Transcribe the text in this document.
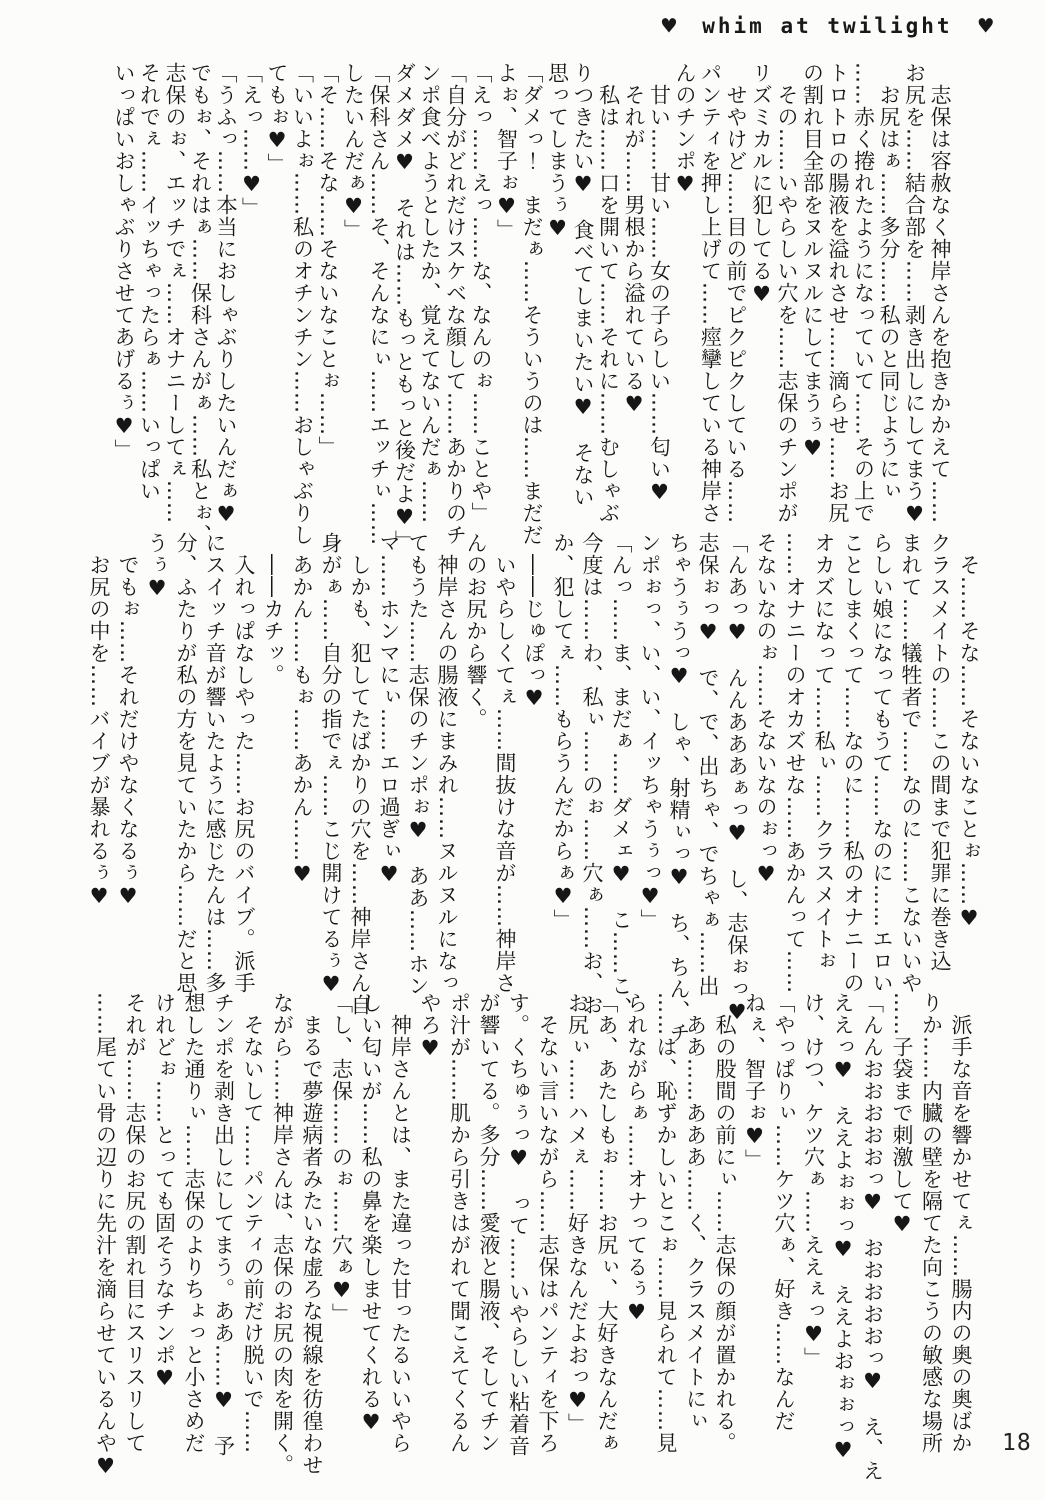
♥ whim at twilight ♥
　志保は容赦なく神岸さんを抱きかかえて……
お尻を……結合部を……剥き出しにしてまう♥
　お尻はぁ……多分……私のと同じようにぃ
……赤く捲れたようになっていて……その上で
トロトロの腸液を溢れさせ……滴らせ……お尻
の割れ目全部をヌルヌルにしてまうぅ♥
　その……いやらしい穴を……志保のチンポが
リズミカルに犯してる♥
　せやけど……目の前でピクピクしている……
パンティを押し上げて……痙攣している神岸さ
んのチンポ♥
　甘い……甘い……女の子らしい……匂い♥
　それが……男根から溢れている♥
　私は……口を開いて……それに……むしゃぶ
りつきたい♥　食べてしまいたい♥　そない
思ってしまうぅ♥
「ダメっ！　まだぁ……そういうのは……まだだ
よぉ、智子ぉ♥」
「えっ……えっ……な、なんのぉ……ことや」
「自分がどれだけスケベな顔して……あかりのチ
ンポ食べようとしたか、覚えてないんだぁ……
ダメダメ♥　それは……もっともっと後だよ♥」
「保科さん……そ、そんなにぃ……エッチぃ……
したいんだぁ♥」
「そ……そな……そないなことぉ……」
「いいよぉ……私のオチンチン……おしゃぶりし
てもぉ♥」
「えっ……♥」
「うふっ……本当におしゃぶりしたいんだぁ♥
でもぉ、それはぁ……保科さんがぁ……私とぉ、
志保のぉ、エッチでぇ……オナニーしてぇ……
それでぇ……イッちゃったらぁ……いっぱい
いっぱいおしゃぶりさせてあげるぅ♥」
　そ……そな……そないなことぉ……♥
クラスメイトの……この間まで犯罪に巻き込
まれて……犠牲者で……なのに……こないいや
らしい娘になってもうて……なのに……エロい
ことしまくって……なのに……私のオナニーの
オカズになって……私ぃ……クラスメイトぉ
……オナニーのオカズせな……あかんって……
そないなのぉ……そないなのぉっ♥
「んあっ♥　んんあああぁっ♥　し、志保ぉっ♥
志保ぉっ♥　で、で、出ちゃ、でちゃぁ……出
ちゃうぅうっ♥　しゃ、射精ぃっ♥　ち、ちん、チ
ンポぉっ、い、い、イッちゃうぅっ♥」
「んっ……ま、まだぁ……ダメェ♥　こ……こ、
今度は……わ、私ぃ……のぉ……穴ぁ……お、お
か、犯してぇ……もらうんだからぁ♥」
　――じゅぽっ♥
　いやらしくてぇ……間抜けな音が……神岸さ
んのお尻から響く。
　神岸さんの腸液にまみれ……ヌルヌルになっ
てもうた……志保のチンポぉ♥　ああ……ホン
マ……ホンマにぃ……エロ過ぎぃ♥
　しかも、犯してたばかりの穴を……神岸さん自
身がぁ……自分の指でぇ……こじ開けてるぅ♥
　あかん……もぉ……あかん……♥
　――カチッ。
　入れっぱなしやった……お尻のバイブ。派手
にスイッチ音が響いたように感じたんは……多
分、ふたりが私の方を見ていたから……だと思
うぅ♥
　でもぉ……それだけやなくなるぅ♥
　お尻の中を……バイブが暴れるぅ♥
　派手な音を響かせてぇ……腸内の奥の奥ばか
りか……内臓の壁を隔てた向こうの敏感な場所
……子袋まで刺激して♥
「んんおおおおおっ♥　おおおおおっ♥　え、え
ええっ♥　ええよぉぉっ♥　ええよおぉぉっ♥
け、けつ、ケツ穴ぁ……ええぇっ♥」
「やっぱりぃ……ケツ穴ぁ、好き……なんだ
ねぇ、智子ぉ♥」
　私の股間の前にぃ……志保の顔が置かれる。
　ああ……あああ……く、クラスメイトにぃ
……は、恥ずかしいとこぉ……見られて……見
られながらぁ……オナってるぅ♥
「あ、あたしもぉ……お尻ぃ、大好きなんだぁ
お尻ぃ……ハメぇ……好きなんだよおっ♥」
　そない言いながら……志保はパンティを下ろ
す。くちゅぅっ♥　って……いやらしい粘着音
が響いてる。多分……愛液と腸液、そしてチン
ポ汁が……肌から引きはがれて聞こえてくるん
やろ♥
　神岸さんとは、また違った甘ったるいいやら
しい匂いが……私の鼻を楽しませてくれる♥
「し、志保……のぉ……穴ぁ♥」
　まるで夢遊病者みたいな虚ろな視線を彷徨わせ
ながら……神岸さんは、志保のお尻の肉を開く。
　そないして……パンティの前だけ脱いで……
チンポを剥き出しにしてまう。ああ……♥　予
想した通りぃ……志保のよりちょっと小さめだ
けれどぉ……とっても固そうなチンポ♥
それが……志保のお尻の割れ目にスリスリして
……尾てい骨の辺りに先汁を滴らせているんや♥	18
